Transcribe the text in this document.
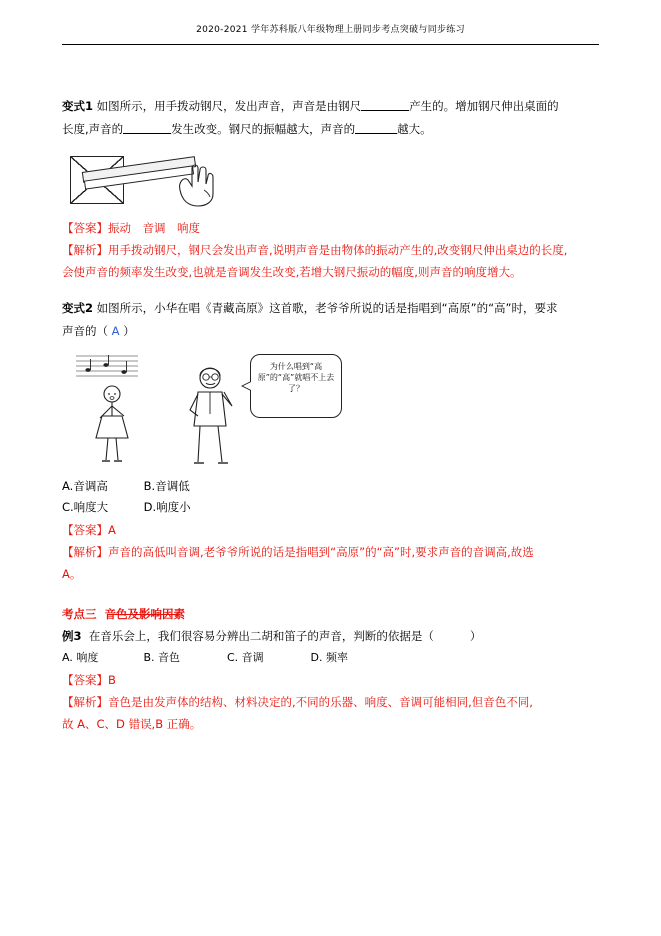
2020-2021 学年苏科版八年级物理上册同步考点突破与同步练习
变式1 如图所示，用手拨动钢尺，发出声音，声音是由钢尺	产生的。增加钢尺伸出桌面的
长度,声音的	发生改变。钢尺的振幅越大，声音的	越大。
【答案】振动　音调　响度
【解析】用手拨动钢尺，钢尺会发出声音,说明声音是由物体的振动产生的,改变钢尺伸出桌边的长度,
会使声音的频率发生改变,也就是音调发生改变,若增大钢尺振动的幅度,则声音的响度增大。
变式2 如图所示，小华在唱《青藏高原》这首歌，老爷爷所说的话是指唱到“高原”的“高”时，要求
声音的（ A ）
为什么唱到“高原”的“高”就唱不上去了？
A.音调高	B.音调低
C.响度大	D.响度小
【答案】A
【解析】声音的高低叫音调,老爷爷所说的话是指唱到“高原”的“高”时,要求声音的音调高,故选
A。
考点三 音色及影响因素
例3 在音乐会上，我们很容易分辨出二胡和笛子的声音，判断的依据是（	）
A. 响度	B. 音色	C. 音调	D. 频率
【答案】B
【解析】音色是由发声体的结构、材料决定的,不同的乐器、响度、音调可能相同,但音色不同,
故 A、C、D 错误,B 正确。
